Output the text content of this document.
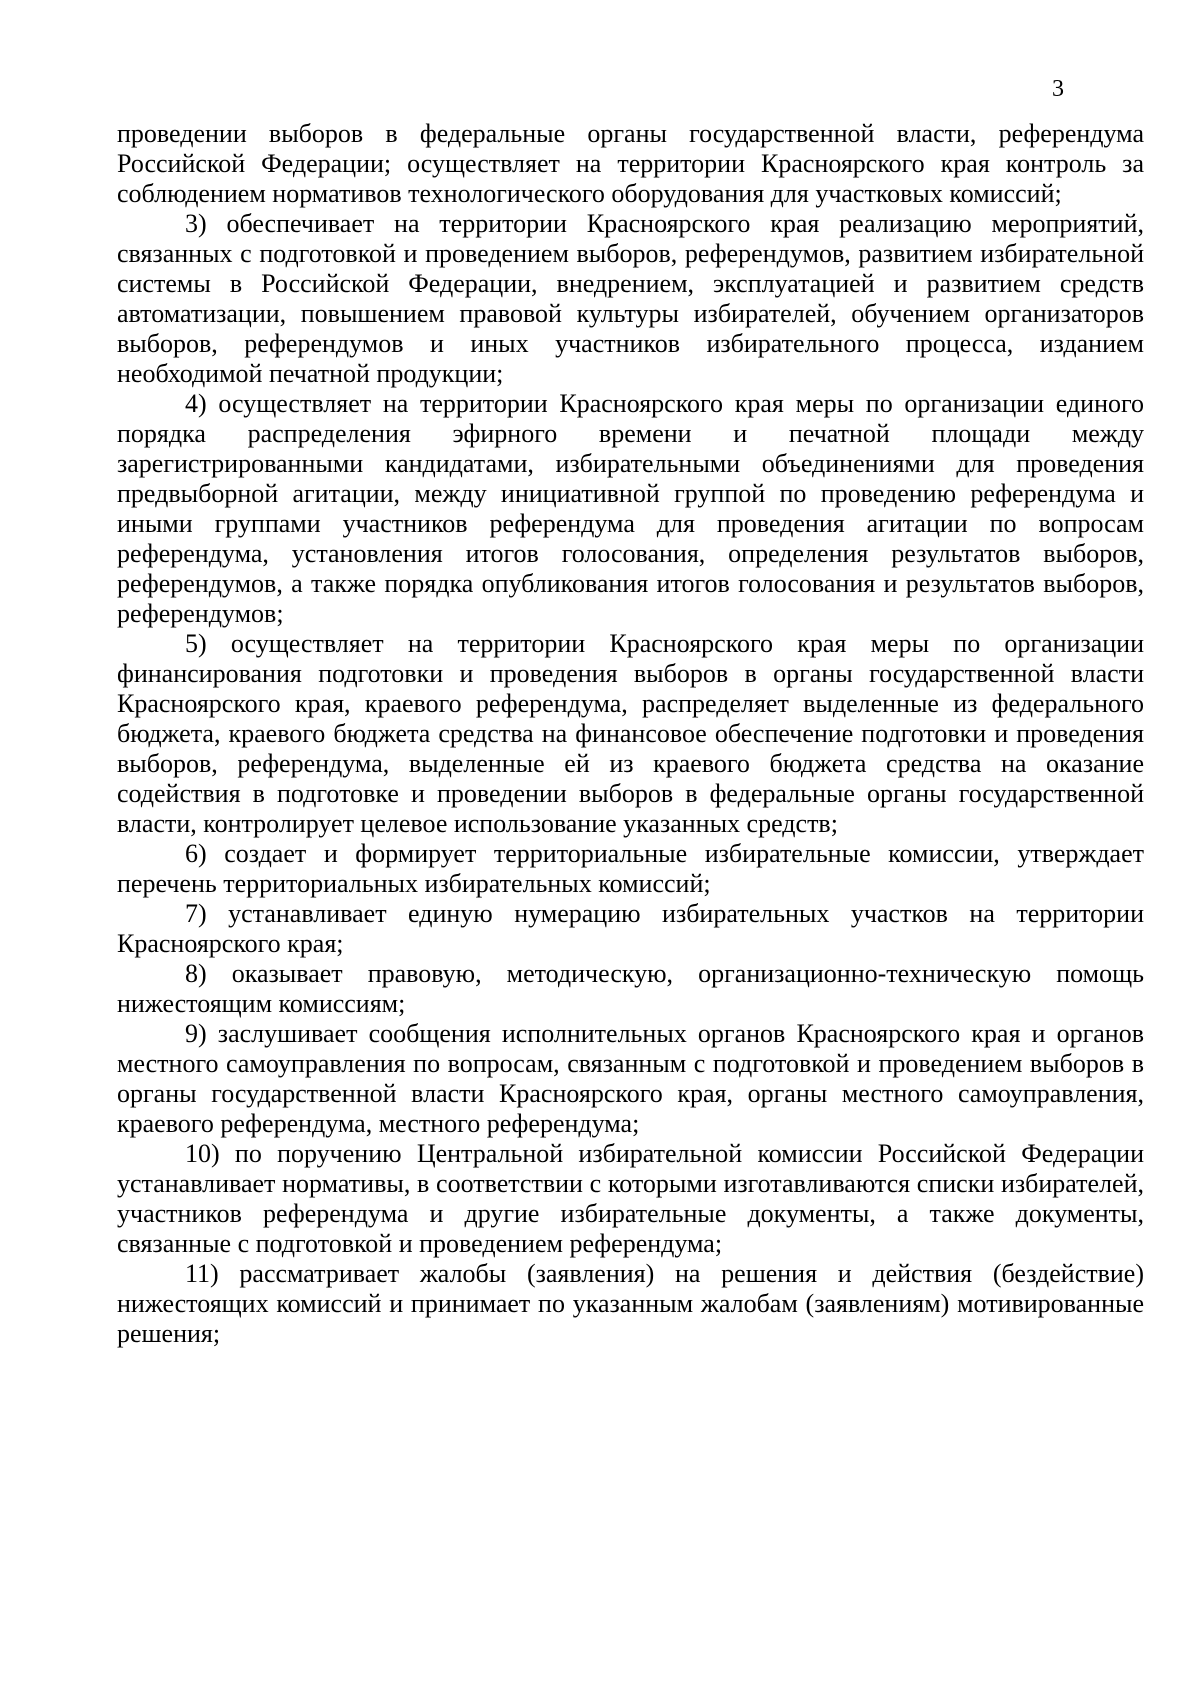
3

проведении выборов в федеральные органы государственной власти, референдума Российской Федерации; осуществляет на территории Красноярского края контроль за соблюдением нормативов технологического оборудования для участковых комиссий;

3) обеспечивает на территории Красноярского края реализацию мероприятий, связанных с подготовкой и проведением выборов, референдумов, развитием избирательной системы в Российской Федерации, внедрением, эксплуатацией и развитием средств автоматизации, повышением правовой культуры избирателей, обучением организаторов выборов, референдумов и иных участников избирательного процесса, изданием необходимой печатной продукции;

4) осуществляет на территории Красноярского края меры по организации единого порядка распределения эфирного времени и печатной площади между зарегистрированными кандидатами, избирательными объединениями для проведения предвыборной агитации, между инициативной группой по проведению референдума и иными группами участников референдума для проведения агитации по вопросам референдума, установления итогов голосования, определения результатов выборов, референдумов, а также порядка опубликования итогов голосования и результатов выборов, референдумов;

5) осуществляет на территории Красноярского края меры по организации финансирования подготовки и проведения выборов в органы государственной власти Красноярского края, краевого референдума, распределяет выделенные из федерального бюджета, краевого бюджета средства на финансовое обеспечение подготовки и проведения выборов, референдума, выделенные ей из краевого бюджета средства на оказание содействия в подготовке и проведении выборов в федеральные органы государственной власти, контролирует целевое использование указанных средств;

6) создает и формирует территориальные избирательные комиссии, утверждает перечень территориальных избирательных комиссий;

7) устанавливает единую нумерацию избирательных участков на территории Красноярского края;

8) оказывает правовую, методическую, организационно-техническую помощь нижестоящим комиссиям;

9) заслушивает сообщения исполнительных органов Красноярского края и органов местного самоуправления по вопросам, связанным с подготовкой и проведением выборов в органы государственной власти Красноярского края, органы местного самоуправления, краевого референдума, местного референдума;

10) по поручению Центральной избирательной комиссии Российской Федерации устанавливает нормативы, в соответствии с которыми изготавливаются списки избирателей, участников референдума и другие избирательные документы, а также документы, связанные с подготовкой и проведением референдума;

11) рассматривает жалобы (заявления) на решения и действия (бездействие) нижестоящих комиссий и принимает по указанным жалобам (заявлениям) мотивированные решения;
